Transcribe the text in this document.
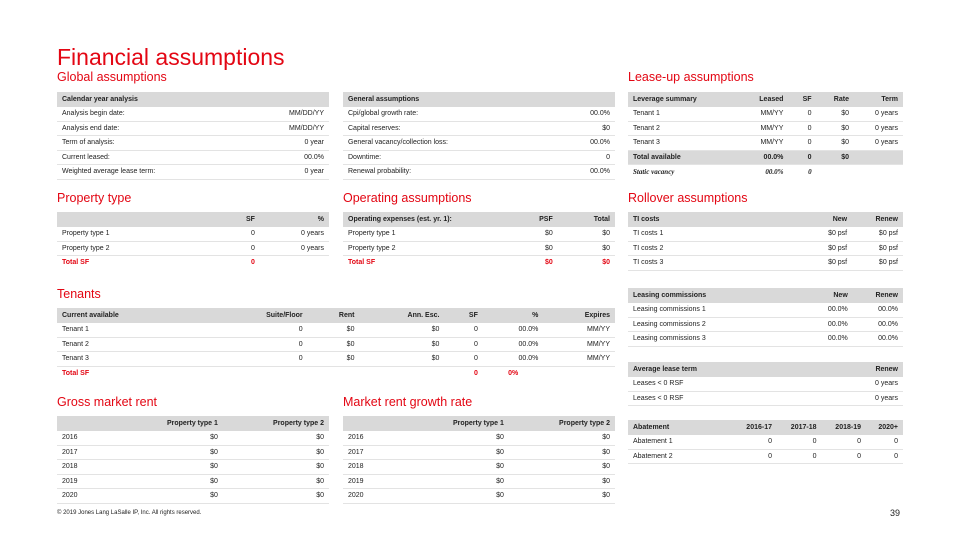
Financial assumptions
Global assumptions	Lease-up assumptions
Property type	Operating assumptions	Rollover assumptions
Tenants
Gross market rent	Market rent growth rate
Calendar year analysis	
Analysis begin date:	MM/DD/YY
Analysis end date:	MM/DD/YY
Term of analysis:	0 year
Current leased:	00.0%
Weighted average lease term:	0 year
General assumptions	
Cpi/global growth rate:	00.0%
Capital reserves:	$0
General vacancy/collection loss:	00.0%
Downtime:	0
Renewal probability:	00.0%
Leverage summary	Leased	SF	Rate	Term
Tenant 1	MM/YY	0	$0	0 years
Tenant 2	MM/YY	0	$0	0 years
Tenant 3	MM/YY	0	$0	0 years
Total available	00.0%	0	$0	
Static vacancy	00.0%	0		
	SF	%
Property type 1	0	0 years
Property type 2	0	0 years
Total SF	0	
Operating expenses (est. yr. 1):	PSF	Total
Property type 1	$0	$0
Property type 2	$0	$0
Total SF	$0	$0
TI costs	New	Renew
TI costs 1	$0 psf	$0 psf
TI costs 2	$0 psf	$0 psf
TI costs 3	$0 psf	$0 psf
Current available	Suite/Floor	Rent	Ann. Esc.	SF	%	Expires
Tenant 1	0	$0	$0	0	00.0%	MM/YY
Tenant 2	0	$0	$0	0	00.0%	MM/YY
Tenant 3	0	$0	$0	0	00.0%	MM/YY
Total SF				0	0%	
Leasing commissions	New	Renew
Leasing commissions 1	00.0%	00.0%
Leasing commissions 2	00.0%	00.0%
Leasing commissions 3	00.0%	00.0%
Average lease term	Renew
Leases < 0 RSF	0 years
Leases < 0 RSF	0 years
	Property type 1	Property type 2
2016	$0	$0
2017	$0	$0
2018	$0	$0
2019	$0	$0
2020	$0	$0
	Property type 1	Property type 2
2016	$0	$0
2017	$0	$0
2018	$0	$0
2019	$0	$0
2020	$0	$0
Abatement	2016-17	2017-18	2018-19	2020+
Abatement 1	0	0	0	0
Abatement 2	0	0	0	0
© 2019 Jones Lang LaSalle IP, Inc. All rights reserved.	39
